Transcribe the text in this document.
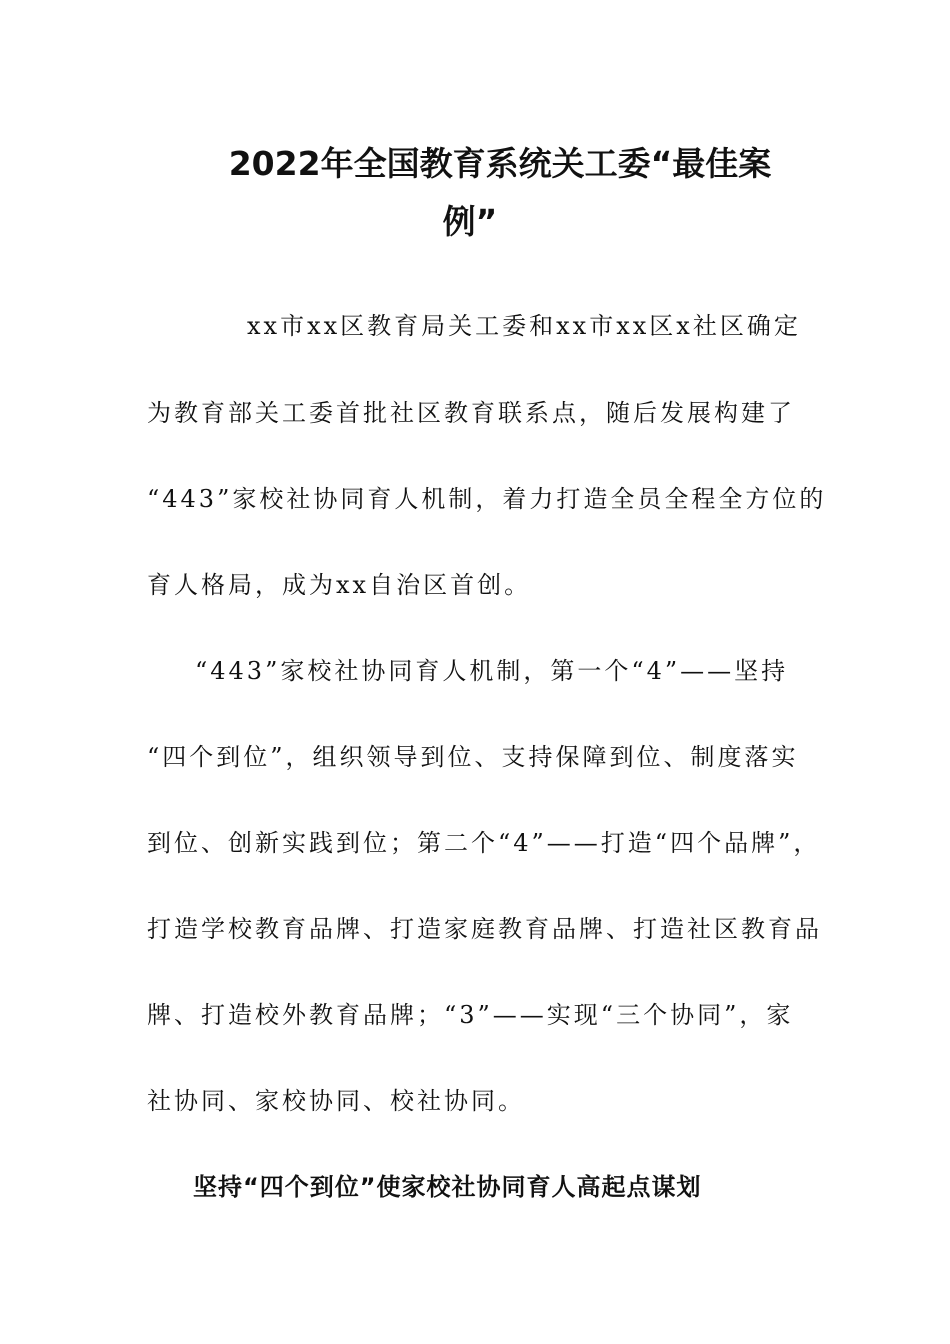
2022年全国教育系统关工委“最佳案
例”
xx市xx区教育局关工委和xx市xx区x社区确定
为教育部关工委首批社区教育联系点，随后发展构建了
“443”家校社协同育人机制，着力打造全员全程全方位的
育人格局，成为xx自治区首创。
“443”家校社协同育人机制，第一个“4”——坚持
“四个到位”，组织领导到位、支持保障到位、制度落实
到位、创新实践到位；第二个“4”——打造“四个品牌”，
打造学校教育品牌、打造家庭教育品牌、打造社区教育品
牌、打造校外教育品牌；“3”——实现“三个协同”，家
社协同、家校协同、校社协同。
坚持“四个到位”使家校社协同育人高起点谋划
